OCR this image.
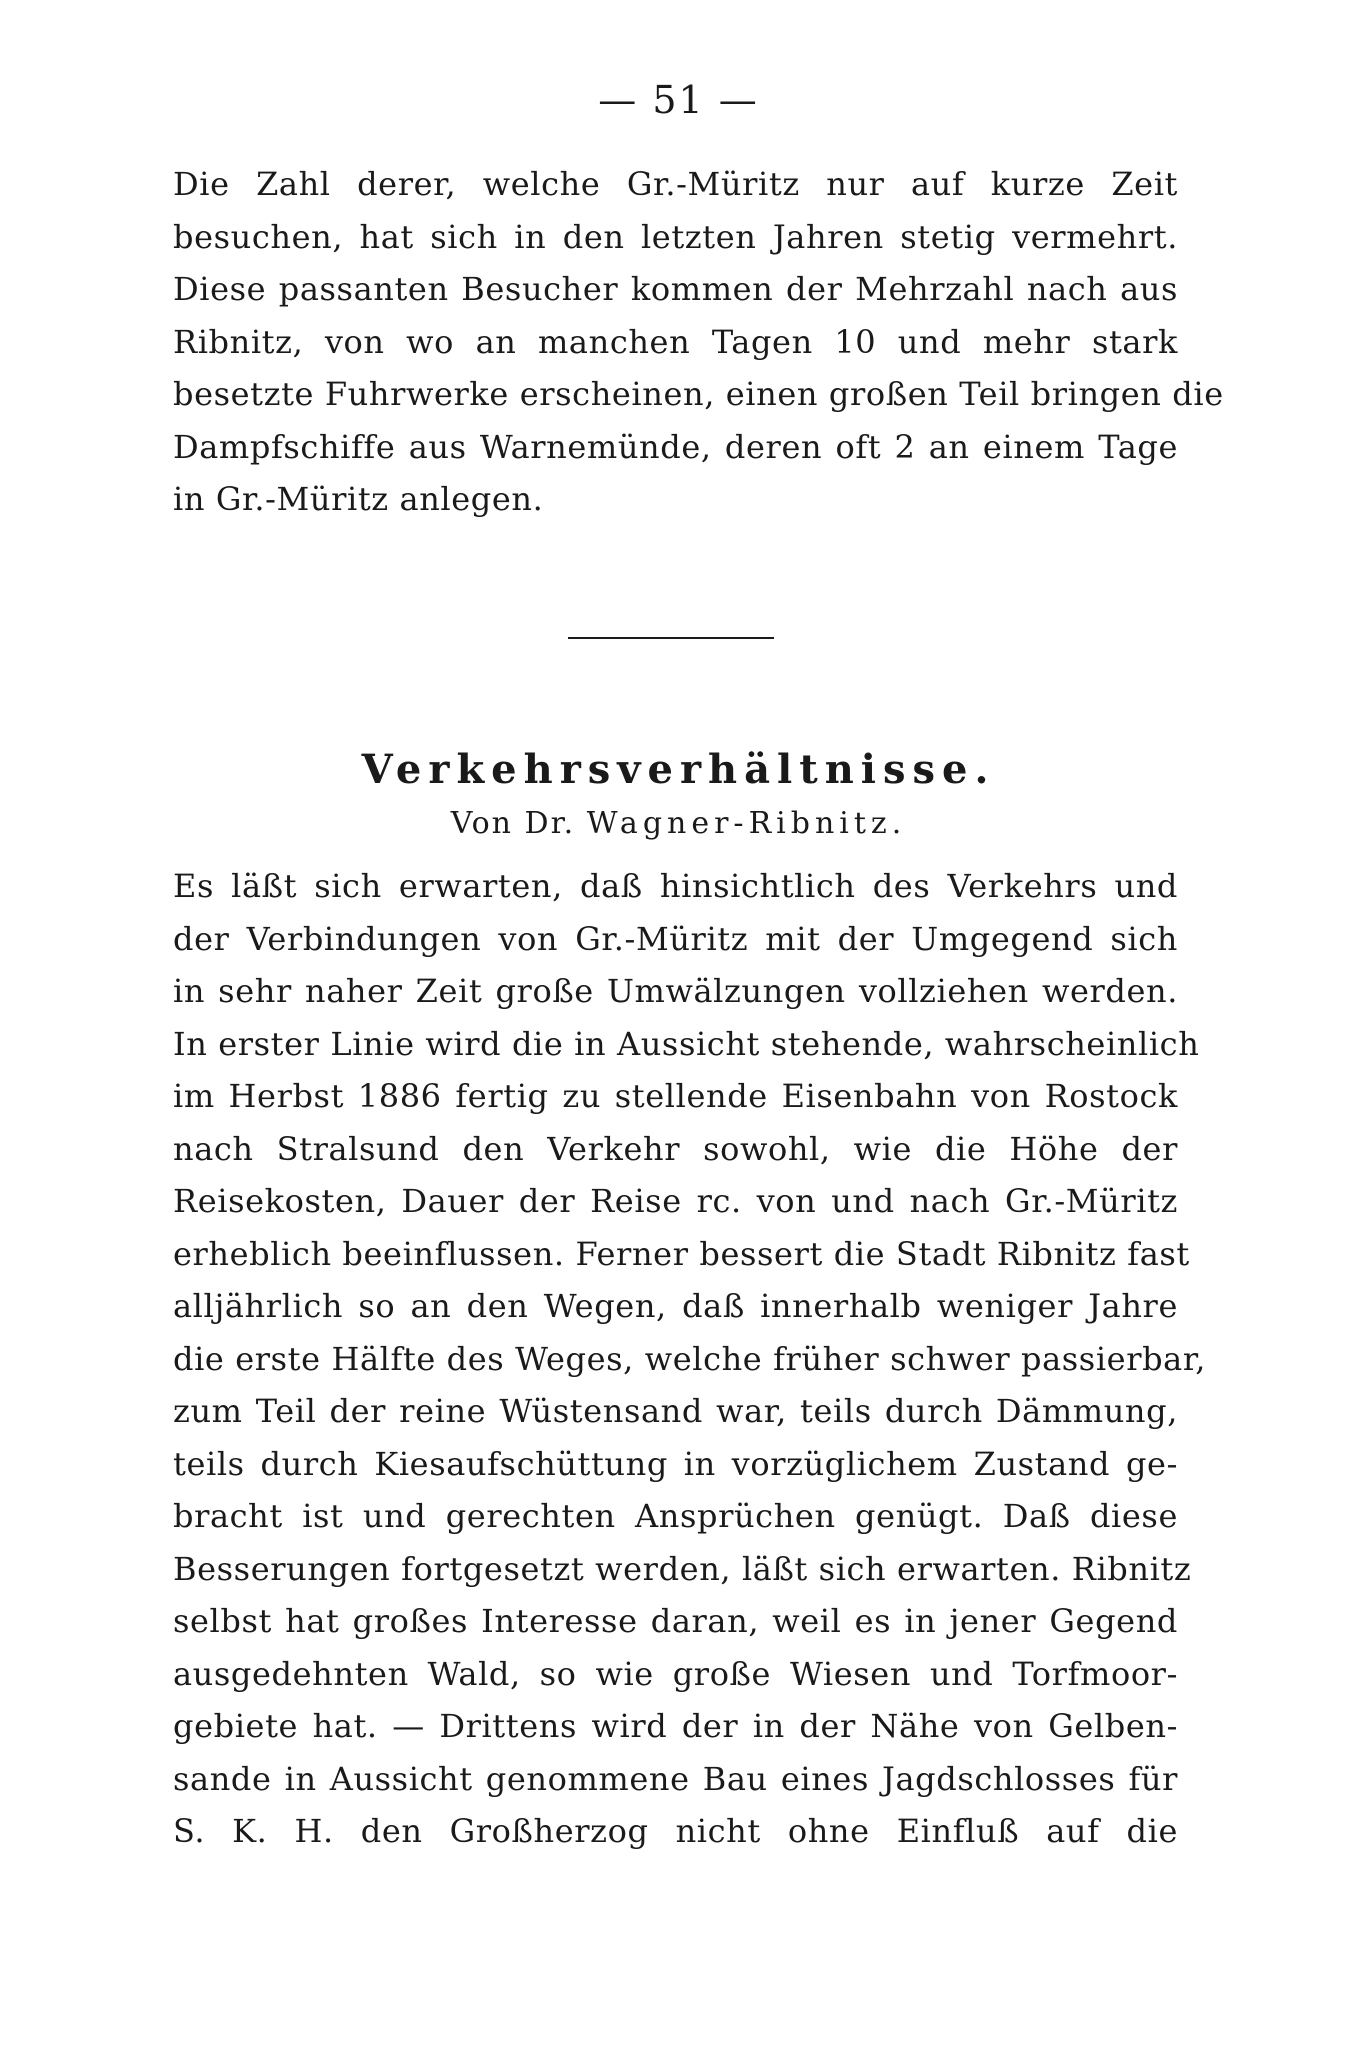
— 51 —
Die Zahl derer, welche Gr.-Müritz nur auf kurze Zeit
besuchen, hat sich in den letzten Jahren stetig vermehrt.
Diese passanten Besucher kommen der Mehrzahl nach aus
Ribnitz, von wo an manchen Tagen 10 und mehr stark
besetzte Fuhrwerke erscheinen, einen großen Teil bringen die
Dampfschiffe aus Warnemünde, deren oft 2 an einem Tage
in Gr.-Müritz anlegen.
Verkehrsverhältnisse.
Von Dr. Wagner-Ribnitz.
Es läßt sich erwarten, daß hinsichtlich des Verkehrs und
der Verbindungen von Gr.-Müritz mit der Umgegend sich
in sehr naher Zeit große Umwälzungen vollziehen werden.
In erster Linie wird die in Aussicht stehende, wahrscheinlich
im Herbst 1886 fertig zu stellende Eisenbahn von Rostock
nach Stralsund den Verkehr sowohl, wie die Höhe der
Reisekosten, Dauer der Reise rc. von und nach Gr.-Müritz
erheblich beeinflussen. Ferner bessert die Stadt Ribnitz fast
alljährlich so an den Wegen, daß innerhalb weniger Jahre
die erste Hälfte des Weges, welche früher schwer passierbar,
zum Teil der reine Wüstensand war, teils durch Dämmung,
teils durch Kiesaufschüttung in vorzüglichem Zustand ge-
bracht ist und gerechten Ansprüchen genügt. Daß diese
Besserungen fortgesetzt werden, läßt sich erwarten. Ribnitz
selbst hat großes Interesse daran, weil es in jener Gegend
ausgedehnten Wald, so wie große Wiesen und Torfmoor-
gebiete hat. — Drittens wird der in der Nähe von Gelben-
sande in Aussicht genommene Bau eines Jagdschlosses für
S. K. H. den Großherzog nicht ohne Einfluß auf die
